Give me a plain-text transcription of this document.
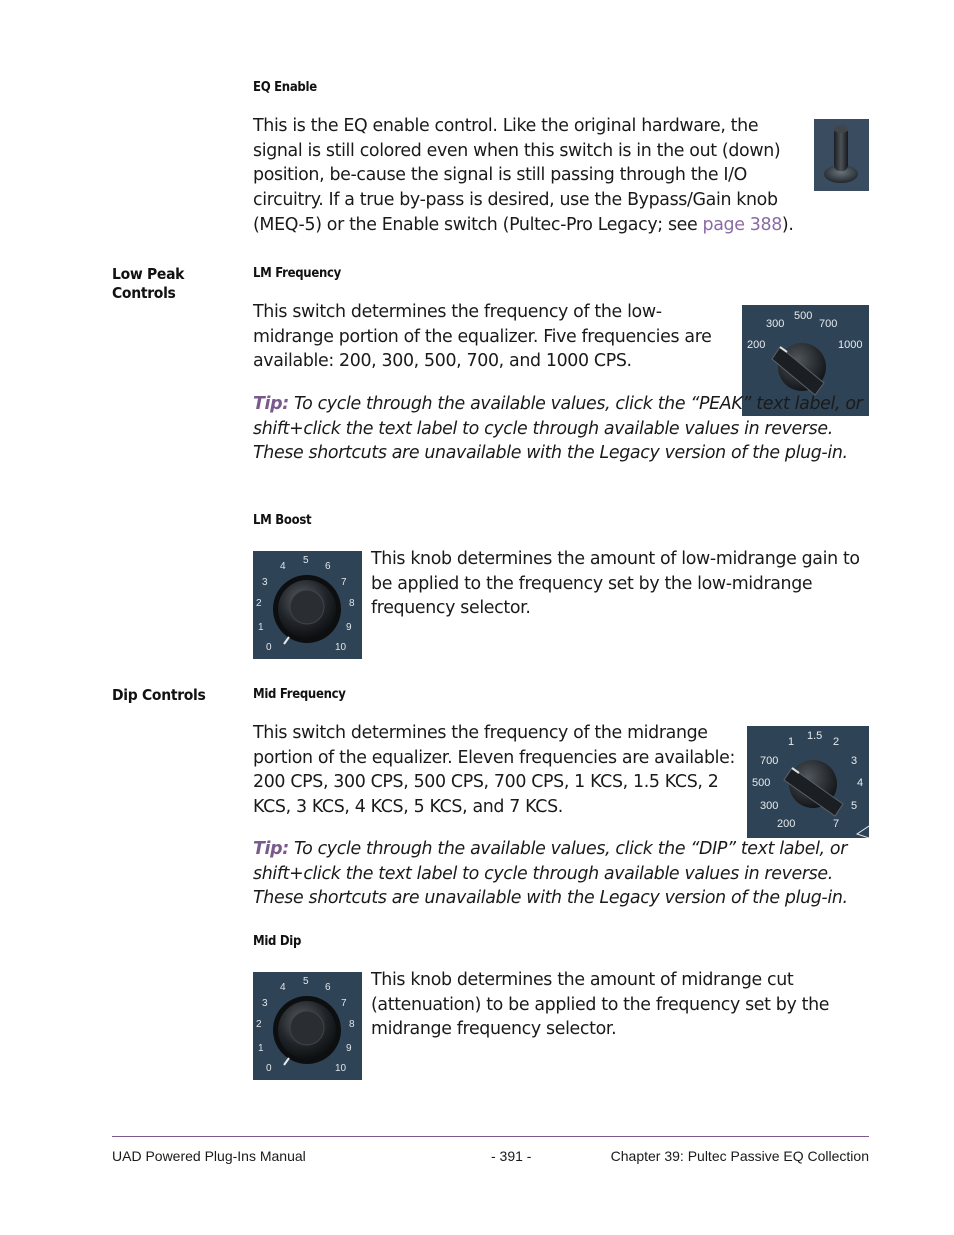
EQ Enable

This is the EQ enable control. Like the original hardware, the signal is still colored even when this switch is in the out (down) position, be-cause the signal is still passing through the I/O circuitry. If a true by-pass is desired, use the Bypass/Gain knob (MEQ-5) or the Enable switch (Pultec-Pro Legacy; see page 388).

Low Peak Controls
LM Frequency

This switch determines the frequency of the low-midrange portion of the equalizer. Five frequencies are available: 200, 300, 500, 700, and 1000 CPS.

300
500
700
200	1000

Tip: To cycle through the available values, click the “PEAK” text label, or shift+click the text label to cycle through available values in reverse. These shortcuts are unavailable with the Legacy version of the plug-in.

LM Boost
0
1
2
3
4
5
6
7
8
9
10

This knob determines the amount of low-midrange gain to be applied to the frequency set by the low-midrange frequency selector.

Dip Controls	Mid Frequency

This switch determines the frequency of the midrange portion of the equalizer. Eleven frequencies are available: 200 CPS, 300 CPS, 500 CPS, 700 CPS, 1 KCS, 1.5 KCS, 2 KCS, 3 KCS, 4 KCS, 5 KCS, and 7 KCS.

200
300
500
700
1 1.5 2
3
4
5
7

Tip: To cycle through the available values, click the “DIP” text label, or shift+click the text label to cycle through available values in reverse. These shortcuts are unavailable with the Legacy version of the plug-in.

Mid Dip
0
1
2
3
4
5
6
7
8
9
10

This knob determines the amount of midrange cut (attenuation) to be applied to the frequency set by the midrange frequency selector.

UAD Powered Plug-Ins Manual	- 391 -	Chapter 39: Pultec Passive EQ Collection
